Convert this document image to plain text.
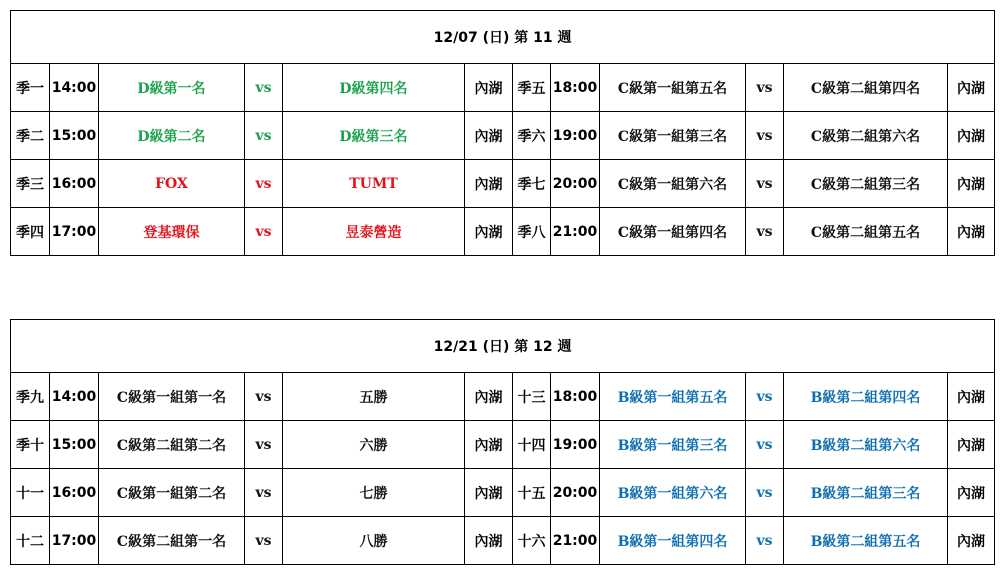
12/07 (日) 第 11 週											
季一	14:00	D級第一名	vs	D級第四名	內湖	季五	18:00	C級第一組第五名	vs	C級第二組第四名	內湖
季二	15:00	D級第二名	vs	D級第三名	內湖	季六	19:00	C級第一組第三名	vs	C級第二組第六名	內湖
季三	16:00	FOX	vs	TUMT	內湖	季七	20:00	C級第一組第六名	vs	C級第二組第三名	內湖
季四	17:00	登基環保	vs	昱泰營造	內湖	季八	21:00	C級第一組第四名	vs	C級第二組第五名	內湖
12/21 (日) 第 12 週											
季九	14:00	C級第一組第一名	vs	五勝	內湖	十三	18:00	B級第一組第五名	vs	B級第二組第四名	內湖
季十	15:00	C級第二組第二名	vs	六勝	內湖	十四	19:00	B級第一組第三名	vs	B級第二組第六名	內湖
十一	16:00	C級第一組第二名	vs	七勝	內湖	十五	20:00	B級第一組第六名	vs	B級第二組第三名	內湖
十二	17:00	C級第二組第一名	vs	八勝	內湖	十六	21:00	B級第一組第四名	vs	B級第二組第五名	內湖
